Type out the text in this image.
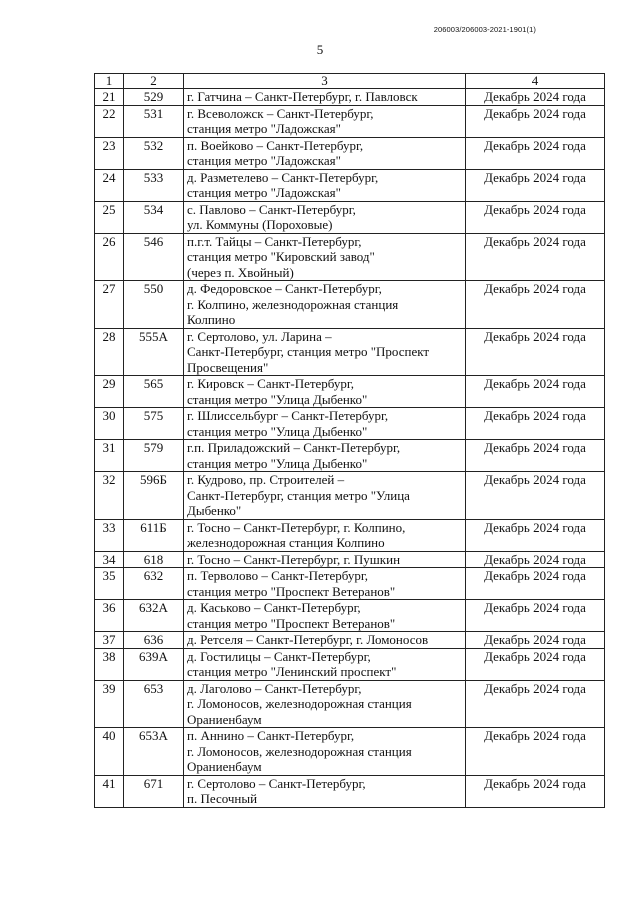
206003/206003-2021-1901(1)
5
1	2	3	4
21	529	г. Гатчина – Санкт-Петербург, г. Павловск	Декабрь 2024 года
22	531	г. Всеволожск – Санкт-Петербург,
станция метро "Ладожская"	Декабрь 2024 года
23	532	п. Воейково – Санкт-Петербург,
станция метро "Ладожская"	Декабрь 2024 года
24	533	д. Разметелево – Санкт-Петербург,
станция метро "Ладожская"	Декабрь 2024 года
25	534	с. Павлово – Санкт-Петербург,
ул. Коммуны (Пороховые)	Декабрь 2024 года
26	546	п.г.т. Тайцы – Санкт-Петербург,
станция метро "Кировский завод"
(через п. Хвойный)	Декабрь 2024 года
27	550	д. Федоровское – Санкт-Петербург,
г. Колпино, железнодорожная станция
Колпино	Декабрь 2024 года
28	555А	г. Сертолово, ул. Ларина –
Санкт-Петербург, станция метро "Проспект
Просвещения"	Декабрь 2024 года
29	565	г. Кировск – Санкт-Петербург,
станция метро "Улица Дыбенко"	Декабрь 2024 года
30	575	г. Шлиссельбург – Санкт-Петербург,
станция метро "Улица Дыбенко"	Декабрь 2024 года
31	579	г.п. Приладожский – Санкт-Петербург,
станция метро "Улица Дыбенко"	Декабрь 2024 года
32	596Б	г. Кудрово, пр. Строителей –
Санкт-Петербург, станция метро "Улица
Дыбенко"	Декабрь 2024 года
33	611Б	г. Тосно – Санкт-Петербург, г. Колпино,
железнодорожная станция Колпино	Декабрь 2024 года
34	618	г. Тосно – Санкт-Петербург, г. Пушкин	Декабрь 2024 года
35	632	п. Терволово – Санкт-Петербург,
станция метро "Проспект Ветеранов"	Декабрь 2024 года
36	632А	д. Каськово – Санкт-Петербург,
станция метро "Проспект Ветеранов"	Декабрь 2024 года
37	636	д. Ретселя – Санкт-Петербург, г. Ломоносов	Декабрь 2024 года
38	639А	д. Гостилицы – Санкт-Петербург,
станция метро "Ленинский проспект"	Декабрь 2024 года
39	653	д. Лаголово – Санкт-Петербург,
г. Ломоносов, железнодорожная станция
Ораниенбаум	Декабрь 2024 года
40	653А	п. Аннино – Санкт-Петербург,
г. Ломоносов, железнодорожная станция
Ораниенбаум	Декабрь 2024 года
41	671	г. Сертолово – Санкт-Петербург,
п. Песочный	Декабрь 2024 года
